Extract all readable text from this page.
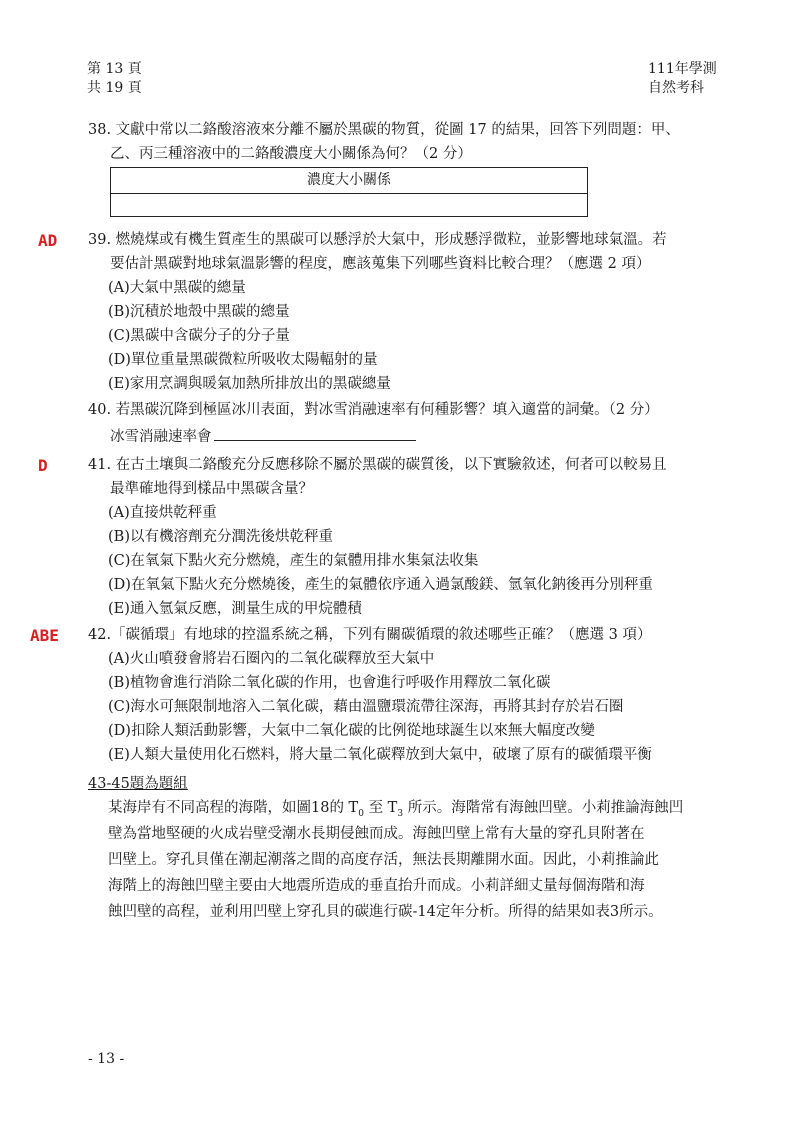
第 13 頁
共 19 頁
111年學測
自然考科
38. 文獻中常以二鉻酸溶液來分離不屬於黑碳的物質，從圖 17 的結果，回答下列問題：甲、
乙、丙三種溶液中的二鉻酸濃度大小關係為何？（2 分）
濃度大小關係
AD 39. 燃燒煤或有機生質產生的黑碳可以懸浮於大氣中，形成懸浮微粒，並影響地球氣溫。若
要估計黑碳對地球氣溫影響的程度，應該蒐集下列哪些資料比較合理？（應選 2 項）
(A)大氣中黑碳的總量
(B)沉積於地殼中黑碳的總量
(C)黑碳中含碳分子的分子量
(D)單位重量黑碳微粒所吸收太陽輻射的量
(E)家用烹調與暖氣加熱所排放出的黑碳總量
40. 若黑碳沉降到極區冰川表面，對冰雪消融速率有何種影響？填入適當的詞彙。（2 分）
冰雪消融速率會
D	41. 在古土壤與二鉻酸充分反應移除不屬於黑碳的碳質後，以下實驗敘述，何者可以較易且
最準確地得到樣品中黑碳含量？
(A)直接烘乾秤重
(B)以有機溶劑充分潤洗後烘乾秤重
(C)在氧氣下點火充分燃燒，產生的氣體用排水集氣法收集
(D)在氧氣下點火充分燃燒後，產生的氣體依序通入過氯酸鎂、氫氧化鈉後再分別秤重
(E)通入氫氣反應，測量生成的甲烷體積
ABE 42.「碳循環」有地球的控溫系統之稱，下列有關碳循環的敘述哪些正確？（應選 3 項）
(A)火山噴發會將岩石圈內的二氧化碳釋放至大氣中
(B)植物會進行消除二氧化碳的作用，也會進行呼吸作用釋放二氧化碳
(C)海水可無限制地溶入二氧化碳，藉由溫鹽環流帶往深海，再將其封存於岩石圈
(D)扣除人類活動影響，大氣中二氧化碳的比例從地球誕生以來無大幅度改變
(E)人類大量使用化石燃料，將大量二氧化碳釋放到大氣中，破壞了原有的碳循環平衡
43-45題為題組
某海岸有不同高程的海階，如圖18的 $T_0$ 至 $T_3$ 所示。海階常有海蝕凹壁。小莉推論海蝕凹
壁為當地堅硬的火成岩壁受潮水長期侵蝕而成。海蝕凹壁上常有大量的穿孔貝附著在
凹壁上。穿孔貝僅在潮起潮落之間的高度存活，無法長期離開水面。因此，小莉推論此
海階上的海蝕凹壁主要由大地震所造成的垂直抬升而成。小莉詳細丈量每個海階和海
蝕凹壁的高程，並利用凹壁上穿孔貝的碳進行碳-14定年分析。所得的結果如表3所示。
- 13 -
